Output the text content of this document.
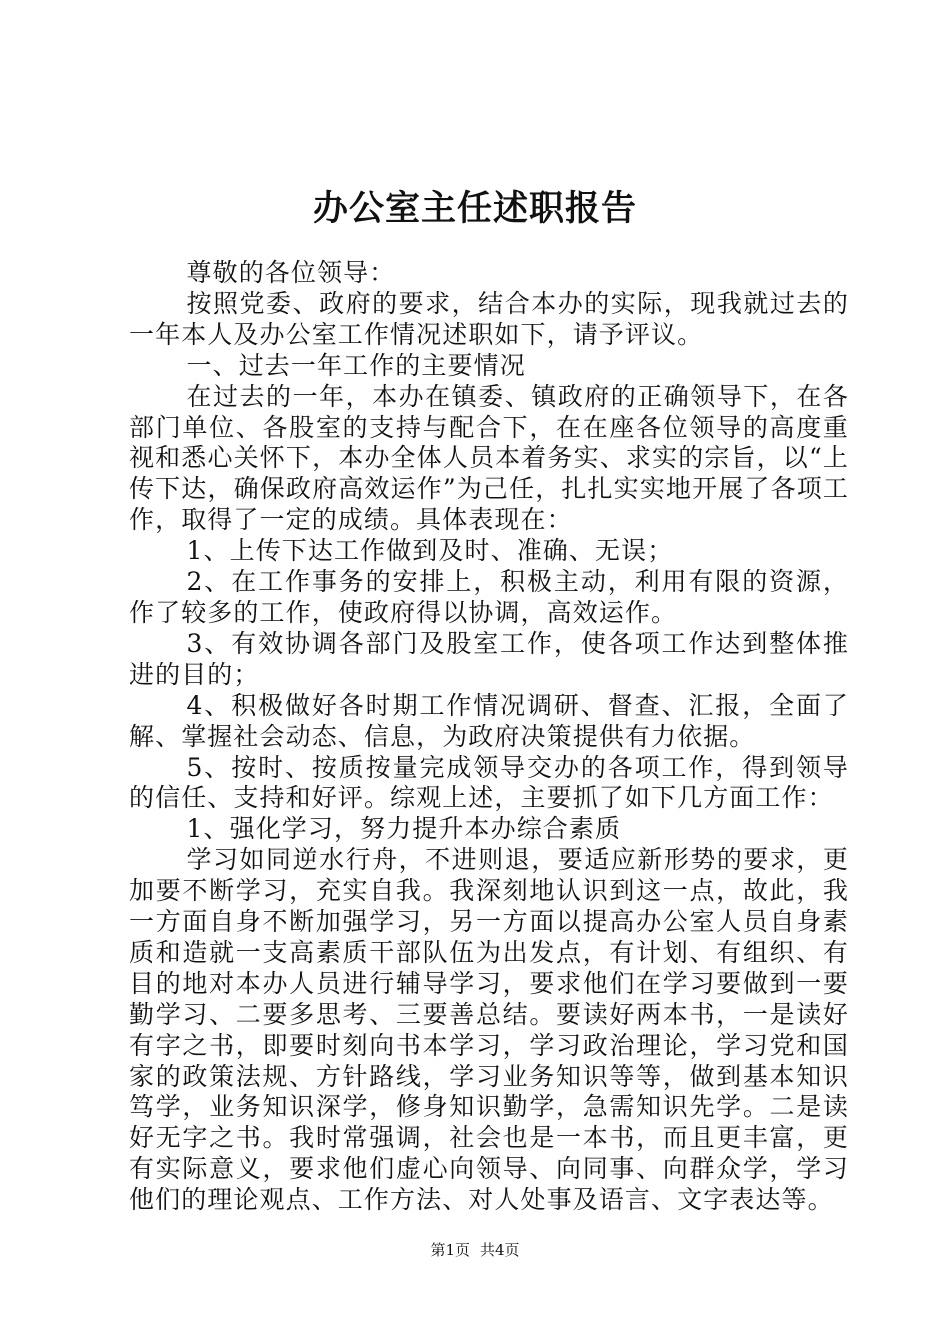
办公室主任述职报告

尊敬的各位领导：

按照党委、政府的要求，结合本办的实际，现我就过去的一年本人及办公室工作情况述职如下，请予评议。

一、过去一年工作的主要情况

在过去的一年，本办在镇委、镇政府的正确领导下，在各部门单位、各股室的支持与配合下，在在座各位领导的高度重视和悉心关怀下，本办全体人员本着务实、求实的宗旨，以“上传下达，确保政府高效运作”为己任，扎扎实实地开展了各项工作，取得了一定的成绩。具体表现在：

1、上传下达工作做到及时、准确、无误；

2、在工作事务的安排上，积极主动，利用有限的资源，作了较多的工作，使政府得以协调，高效运作。

3、有效协调各部门及股室工作，使各项工作达到整体推进的目的；

4、积极做好各时期工作情况调研、督查、汇报，全面了解、掌握社会动态、信息，为政府决策提供有力依据。

5、按时、按质按量完成领导交办的各项工作，得到领导的信任、支持和好评。综观上述，主要抓了如下几方面工作：

1、强化学习，努力提升本办综合素质

学习如同逆水行舟，不进则退，要适应新形势的要求，更加要不断学习，充实自我。我深刻地认识到这一点，故此，我一方面自身不断加强学习，另一方面以提高办公室人员自身素质和造就一支高素质干部队伍为出发点，有计划、有组织、有目的地对本办人员进行辅导学习，要求他们在学习要做到一要勤学习、二要多思考、三要善总结。要读好两本书，一是读好有字之书，即要时刻向书本学习，学习政治理论，学习党和国家的政策法规、方针路线，学习业务知识等等，做到基本知识笃学，业务知识深学，修身知识勤学，急需知识先学。二是读好无字之书。我时常强调，社会也是一本书，而且更丰富，更有实际意义，要求他们虚心向领导、向同事、向群众学，学习他们的理论观点、工作方法、对人处事及语言、文字表达等。

第1页 共4页
